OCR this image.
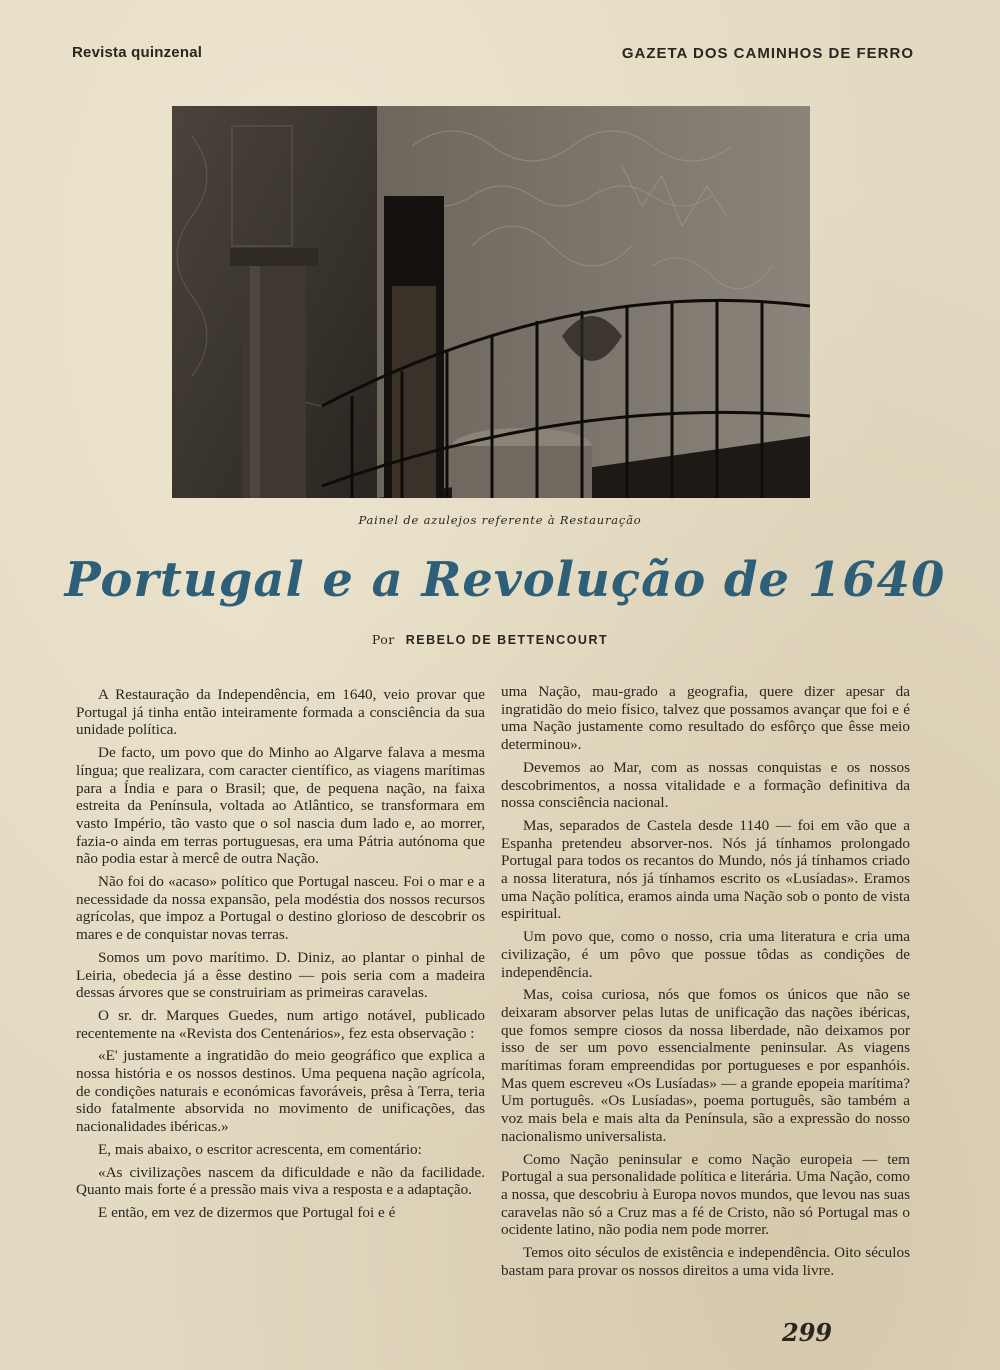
Revista quinzenal	GAZETA DOS CAMINHOS DE FERRO
Painel de azulejos referente à Restauração
Portugal e a Revolução de 1640
Por REBELO DE BETTENCOURT

A Restauração da Independência, em 1640, veio provar que Portugal já tinha então inteiramente formada a consciência da sua unidade política.

De facto, um povo que do Minho ao Algarve falava a mesma língua; que realizara, com caracter científico, as viagens marítimas para a Índia e para o Brasil; que, de pequena nação, na faixa estreita da Península, voltada ao Atlântico, se transformara em vasto Império, tão vasto que o sol nascia dum lado e, ao morrer, fazia-o ainda em terras portuguesas, era uma Pátria autónoma que não podia estar à mercê de outra Nação.

Não foi do «acaso» político que Portugal nasceu. Foi o mar e a necessidade da nossa expansão, pela modéstia dos nossos recursos agrícolas, que impoz a Portugal o destino glorioso de descobrir os mares e de conquistar novas terras.

Somos um povo marítimo. D. Diniz, ao plantar o pinhal de Leiria, obedecia já a êsse destino — pois seria com a madeira dessas árvores que se construiriam as primeiras caravelas.

O sr. dr. Marques Guedes, num artigo notável, publicado recentemente na «Revista dos Centenários», fez esta observação :

«E' justamente a ingratidão do meio geográfico que explica a nossa história e os nossos destinos. Uma pequena nação agrícola, de condições naturais e económicas favoráveis, prêsa à Terra, teria sido fatalmente absorvida no movimento de unificações, das nacionalidades ibéricas.»

E, mais abaixo, o escritor acrescenta, em comentário:

«As civilizações nascem da dificuldade e não da facilidade. Quanto mais forte é a pressão mais viva a resposta e a adaptação.

E então, em vez de dizermos que Portugal foi e é

uma Nação, mau-grado a geografia, quere dizer apesar da ingratidão do meio físico, talvez que possamos avançar que foi e é uma Nação justamente como resultado do esfôrço que êsse meio determinou».

Devemos ao Mar, com as nossas conquistas e os nossos descobrimentos, a nossa vitalidade e a formação definitiva da nossa consciência nacional.

Mas, separados de Castela desde 1140 — foi em vão que a Espanha pretendeu absorver-nos. Nós já tínhamos prolongado Portugal para todos os recantos do Mundo, nós já tínhamos criado a nossa literatura, nós já tínhamos escrito os «Lusíadas». Eramos uma Nação política, eramos ainda uma Nação sob o ponto de vista espiritual.

Um povo que, como o nosso, cria uma literatura e cria uma civilização, é um pôvo que possue tôdas as condições de independência.

Mas, coisa curiosa, nós que fomos os únicos que não se deixaram absorver pelas lutas de unificação das nações ibéricas, que fomos sempre ciosos da nossa liberdade, não deixamos por isso de ser um povo essencialmente peninsular. As viagens marítimas foram empreendidas por portugueses e por espanhóis. Mas quem escreveu «Os Lusíadas» — a grande epopeia marítima? Um português. «Os Lusíadas», poema português, são também a voz mais bela e mais alta da Península, são a expressão do nosso nacionalismo universalista.

Como Nação peninsular e como Nação europeia — tem Portugal a sua personalidade política e literária. Uma Nação, como a nossa, que descobriu à Europa novos mundos, que levou nas suas caravelas não só a Cruz mas a fé de Cristo, não só Portugal mas o ocidente latino, não podia nem pode morrer.

Temos oito séculos de existência e independência. Oito séculos bastam para provar os nossos direitos a uma vida livre.

299
